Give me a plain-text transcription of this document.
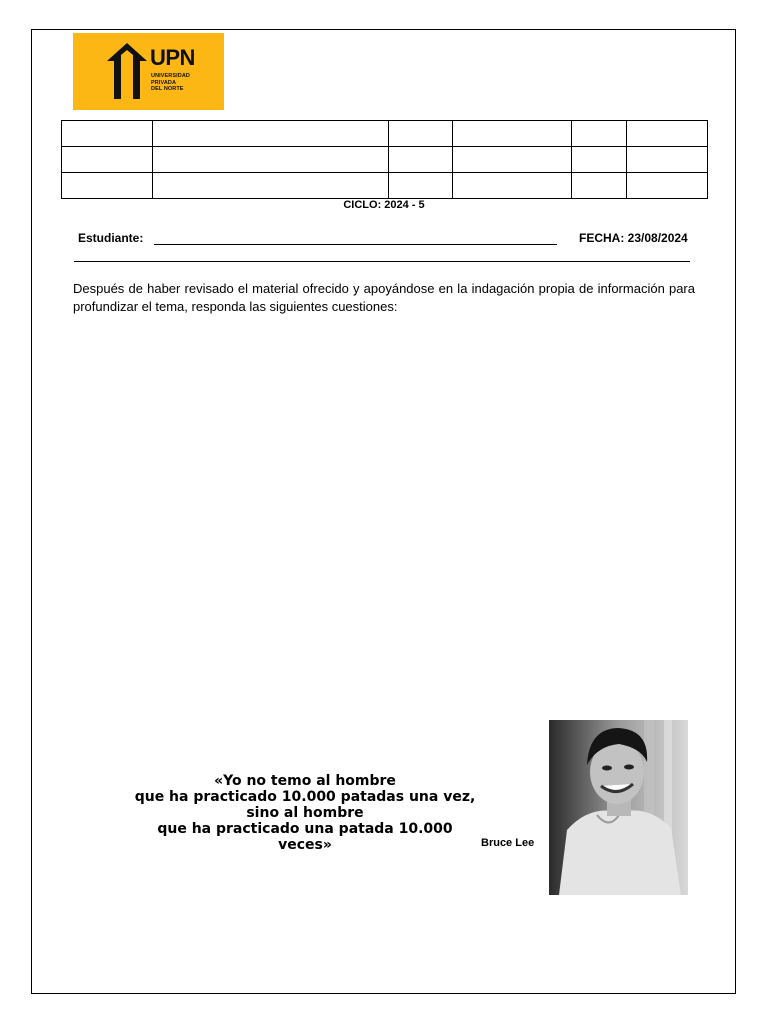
UPN
UNIVERSIDAD
PRIVADA
DEL NORTE

CICLO: 2024 - 5
Estudiante:	FECHA: 23/08/2024
Después de haber revisado el material ofrecido y apoyándose en la indagación propia de información para profundizar el tema, responda las siguientes cuestiones:
«Yo no temo al hombre
que ha practicado 10.000 patadas una vez,
sino al hombre
que ha practicado una patada 10.000 veces»	Bruce Lee
